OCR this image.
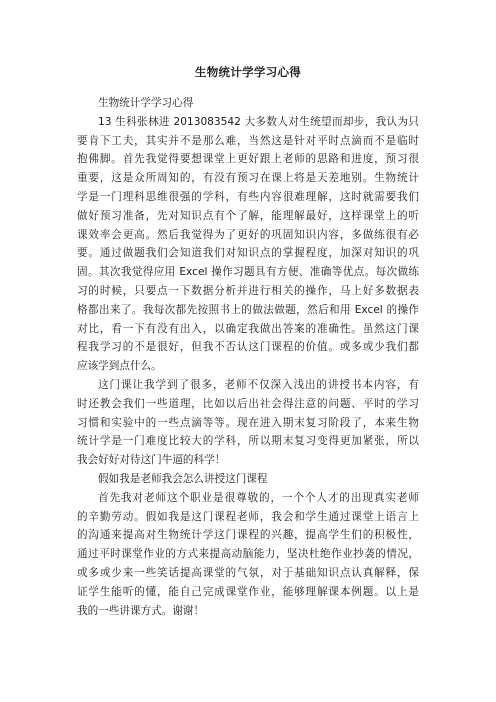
生物统计学学习心得
生物统计学学习心得
13 生科张林进 2013083542 大多数人对生统望而却步，我认为只
要肯下工夫，其实并不是那么难，当然这是针对平时点滴而不是临时
抱佛脚。首先我觉得要想课堂上更好跟上老师的思路和进度，预习很
重要，这是众所周知的，有没有预习在课上将是天差地别。生物统计
学是一门理科思维很强的学科，有些内容很难理解，这时就需要我们
做好预习准备，先对知识点有个了解，能理解最好，这样课堂上的听
课效率会更高。然后我觉得为了更好的巩固知识内容，多做练很有必
要。通过做题我们会知道我们对知识点的掌握程度，加深对知识的巩
固。其次我觉得应用 Excel 操作习题具有方便、准确等优点。每次做练
习的时候，只要点一下数据分析并进行相关的操作，马上好多数据表
格都出来了。我每次都先按照书上的做法做题，然后和用 Excel 的操作
对比，看一下有没有出入，以确定我做出答案的准确性。虽然这门课
程我学习的不是很好，但我不否认这门课程的价值。或多或少我们都
应该学到点什么。
这门课让我学到了很多，老师不仅深入浅出的讲授书本内容，有
时还教会我们一些道理，比如以后出社会得注意的问题、平时的学习
习惯和实验中的一些点滴等等。现在进入期末复习阶段了，本来生物
统计学是一门难度比较大的学科，所以期末复习变得更加紧张，所以
我会好好对待这门牛逼的科学！
假如我是老师我会怎么讲授这门课程
首先我对老师这个职业是很尊敬的，一个个人才的出现真实老师
的辛勤劳动。假如我是这门课程老师，我会和学生通过课堂上语言上
的沟通来提高对生物统计学这门课程的兴趣，提高学生们的积极性，
通过平时课堂作业的方式来提高动脑能力，坚决杜绝作业抄袭的情况，
或多或少来一些笑话提高课堂的气氛，对于基础知识点认真解释，保
证学生能听的懂，能自己完成课堂作业，能够理解课本例题。以上是
我的一些讲课方式。谢谢！
